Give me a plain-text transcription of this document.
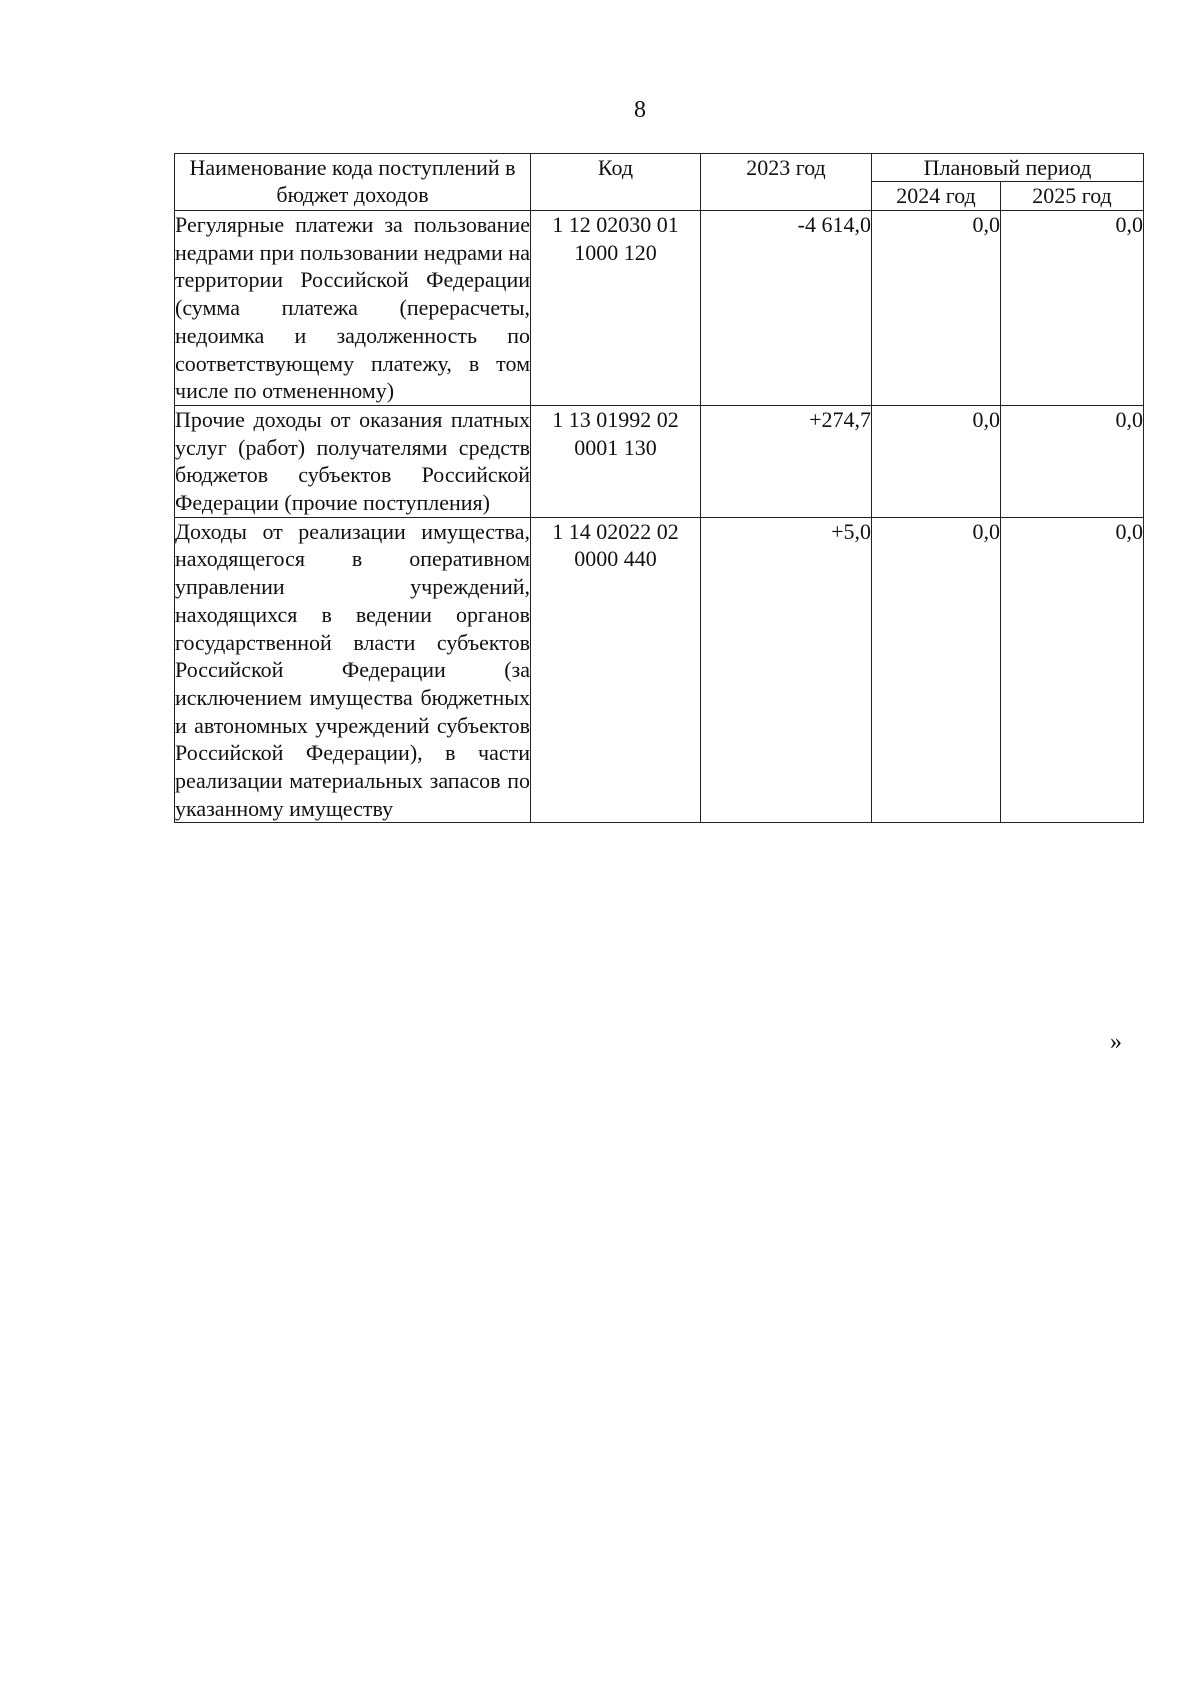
8
Наименование кода поступлений в бюджет доходов	Код	2023 год	Плановый период	
			2024 год	2025 год
Регулярные платежи за пользование недрами при пользовании недрами на территории Российской Федерации (сумма платежа (перерасчеты, недоимка и задолженность по соответствующему платежу, в том числе по отмененному)	1 12 02030 01 1000 120	-4 614,0	0,0	0,0
Прочие доходы от оказания платных услуг (работ) получателями средств бюджетов субъектов Российской Федерации (прочие поступления)	1 13 01992 02 0001 130	+274,7	0,0	0,0
Доходы от реализации имущества, находящегося в оперативном управлении учреждений, находящихся в ведении органов государственной власти субъектов Российской Федерации (за исключением имущества бюджетных и автономных учреждений субъектов Российской Федерации), в части реализации материальных запасов по указанному имуществу	1 14 02022 02 0000 440	+5,0	0,0	0,0
»
